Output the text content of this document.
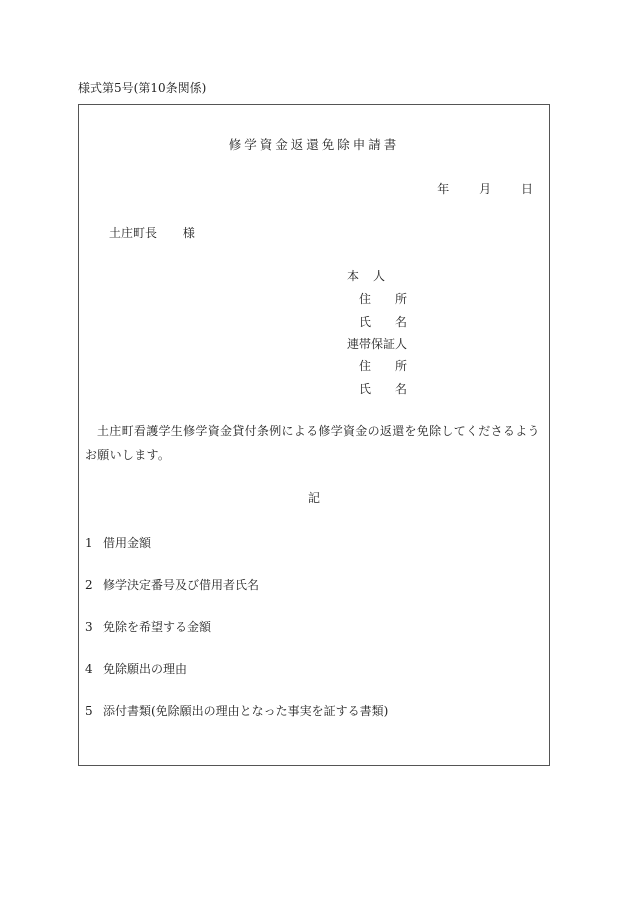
様式第5号(第10条関係)
修学資金返還免除申請書
年 月 日
土庄町長 様
本人
住 所
氏 名
連帯保証人
住 所
氏 名
土庄町看護学生修学資金貸付条例による修学資金の返還を免除してくださるようお願いします。
記
1 借用金額
2 修学決定番号及び借用者氏名
3 免除を希望する金額
4 免除願出の理由
5 添付書類(免除願出の理由となった事実を証する書類)
